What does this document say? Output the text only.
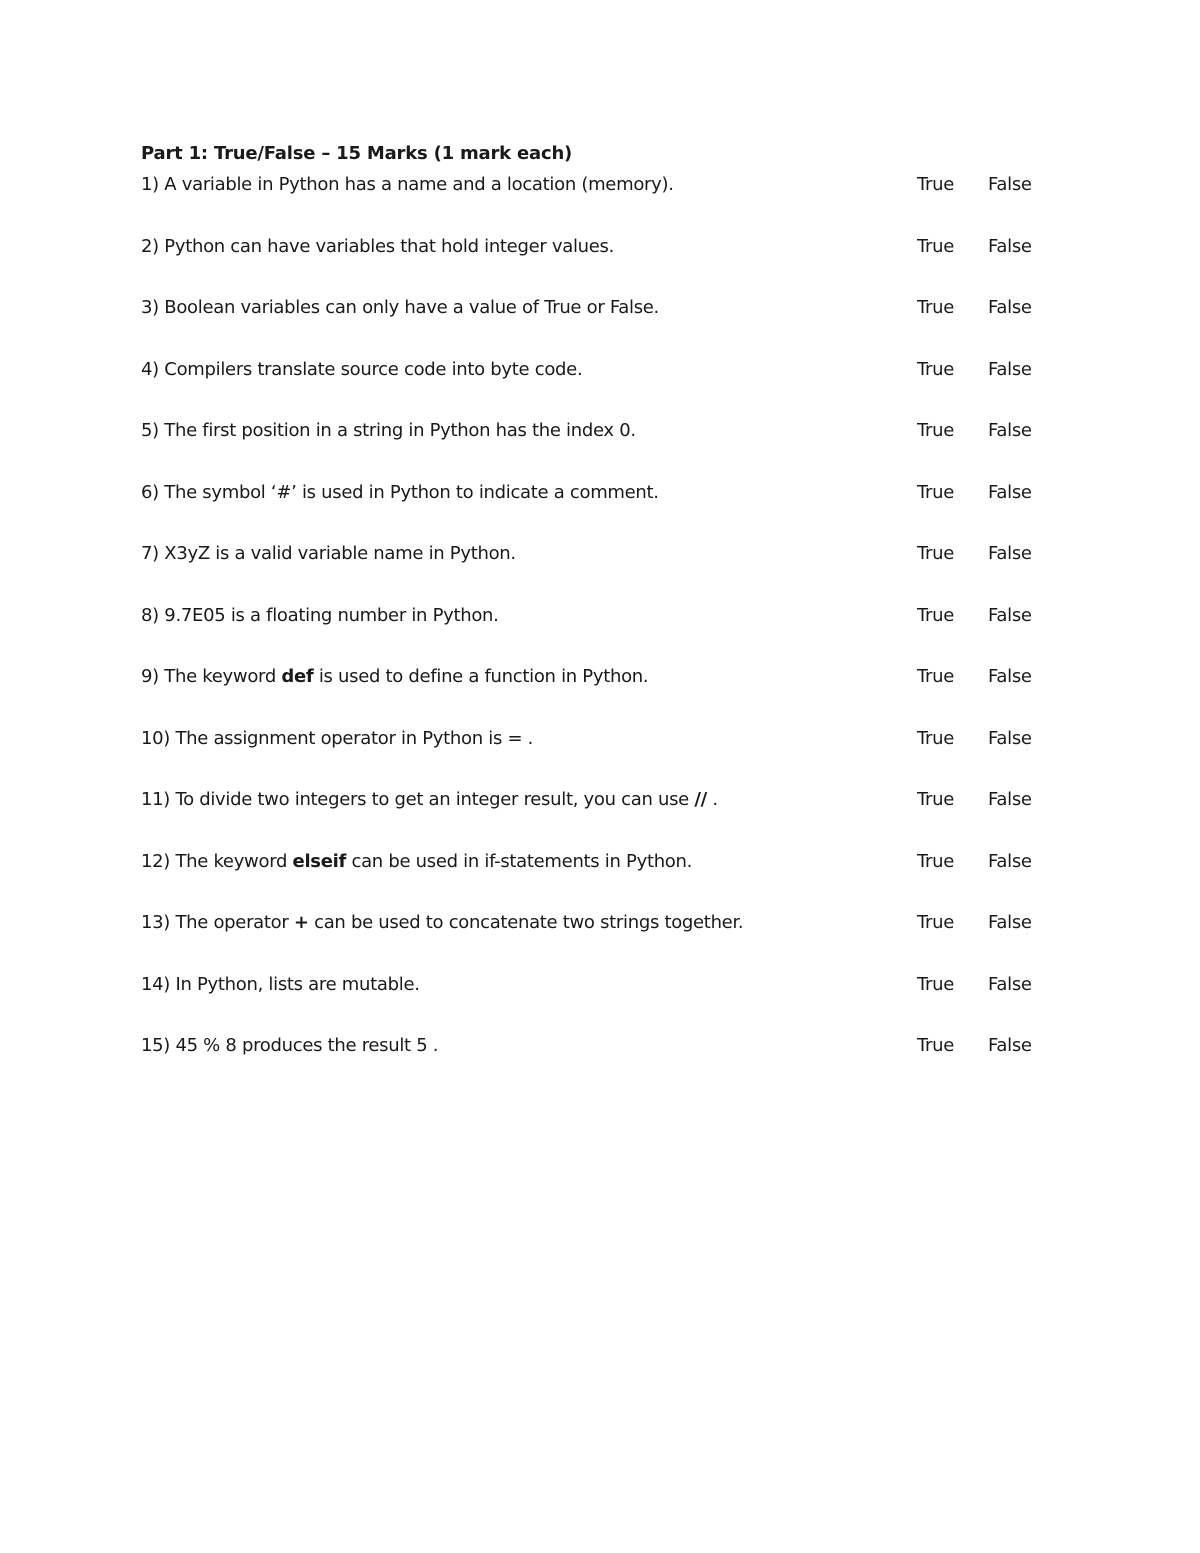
Part 1: True/False – 15 Marks (1 mark each)
1) A variable in Python has a name and a location (memory).	True False
2) Python can have variables that hold integer values.	True False
3) Boolean variables can only have a value of True or False.	True False
4) Compilers translate source code into byte code.	True False
5) The first position in a string in Python has the index 0.	True False
6) The symbol ‘#’ is used in Python to indicate a comment.	True False
7) X3yZ is a valid variable name in Python.	True False
8) 9.7E05 is a floating number in Python.	True False
9) The keyword def is used to define a function in Python.	True False
10) The assignment operator in Python is = .	True False
11) To divide two integers to get an integer result, you can use // .	True False
12) The keyword elseif can be used in if-statements in Python.	True False
13) The operator + can be used to concatenate two strings together.	True False
14) In Python, lists are mutable.	True False
15) 45 % 8 produces the result 5 .	True False
